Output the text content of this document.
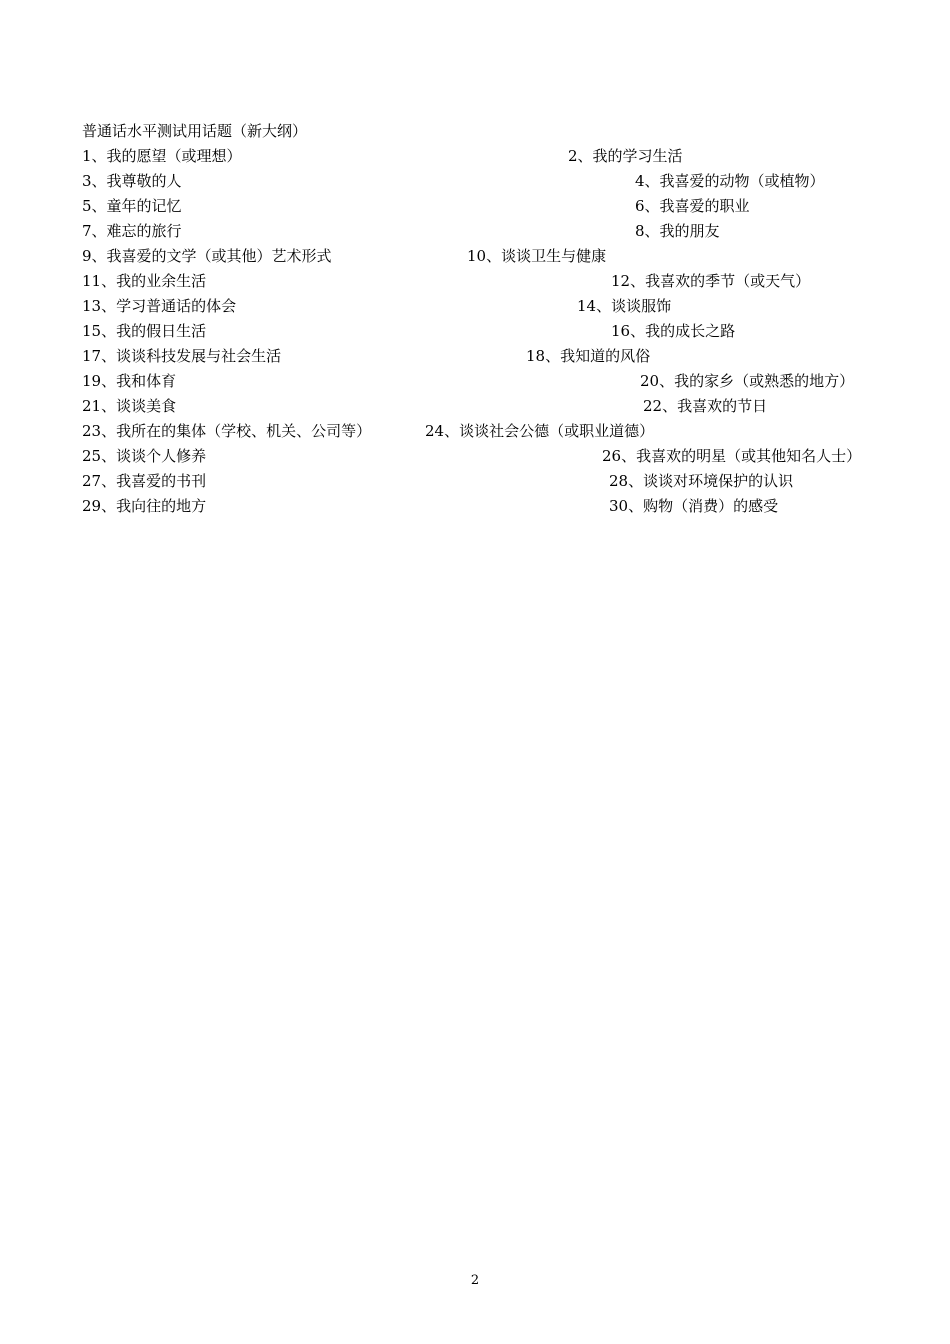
普通话水平测试用话题（新大纲）
1、我的愿望（或理想）	2、我的学习生活
3、我尊敬的人	4、我喜爱的动物（或植物）
5、童年的记忆	6、我喜爱的职业
7、难忘的旅行	8、我的朋友
9、我喜爱的文学（或其他）艺术形式	10、谈谈卫生与健康
11、我的业余生活	12、我喜欢的季节（或天气）
13、学习普通话的体会	14、谈谈服饰
15、我的假日生活	16、我的成长之路
17、谈谈科技发展与社会生活	18、我知道的风俗
19、我和体育	20、我的家乡（或熟悉的地方）
21、谈谈美食	22、我喜欢的节日
23、我所在的集体（学校、机关、公司等）	24、谈谈社会公德（或职业道德）
25、谈谈个人修养	26、我喜欢的明星（或其他知名人士）
27、我喜爱的书刊	28、谈谈对环境保护的认识
29、我向往的地方	30、购物（消费）的感受
2
